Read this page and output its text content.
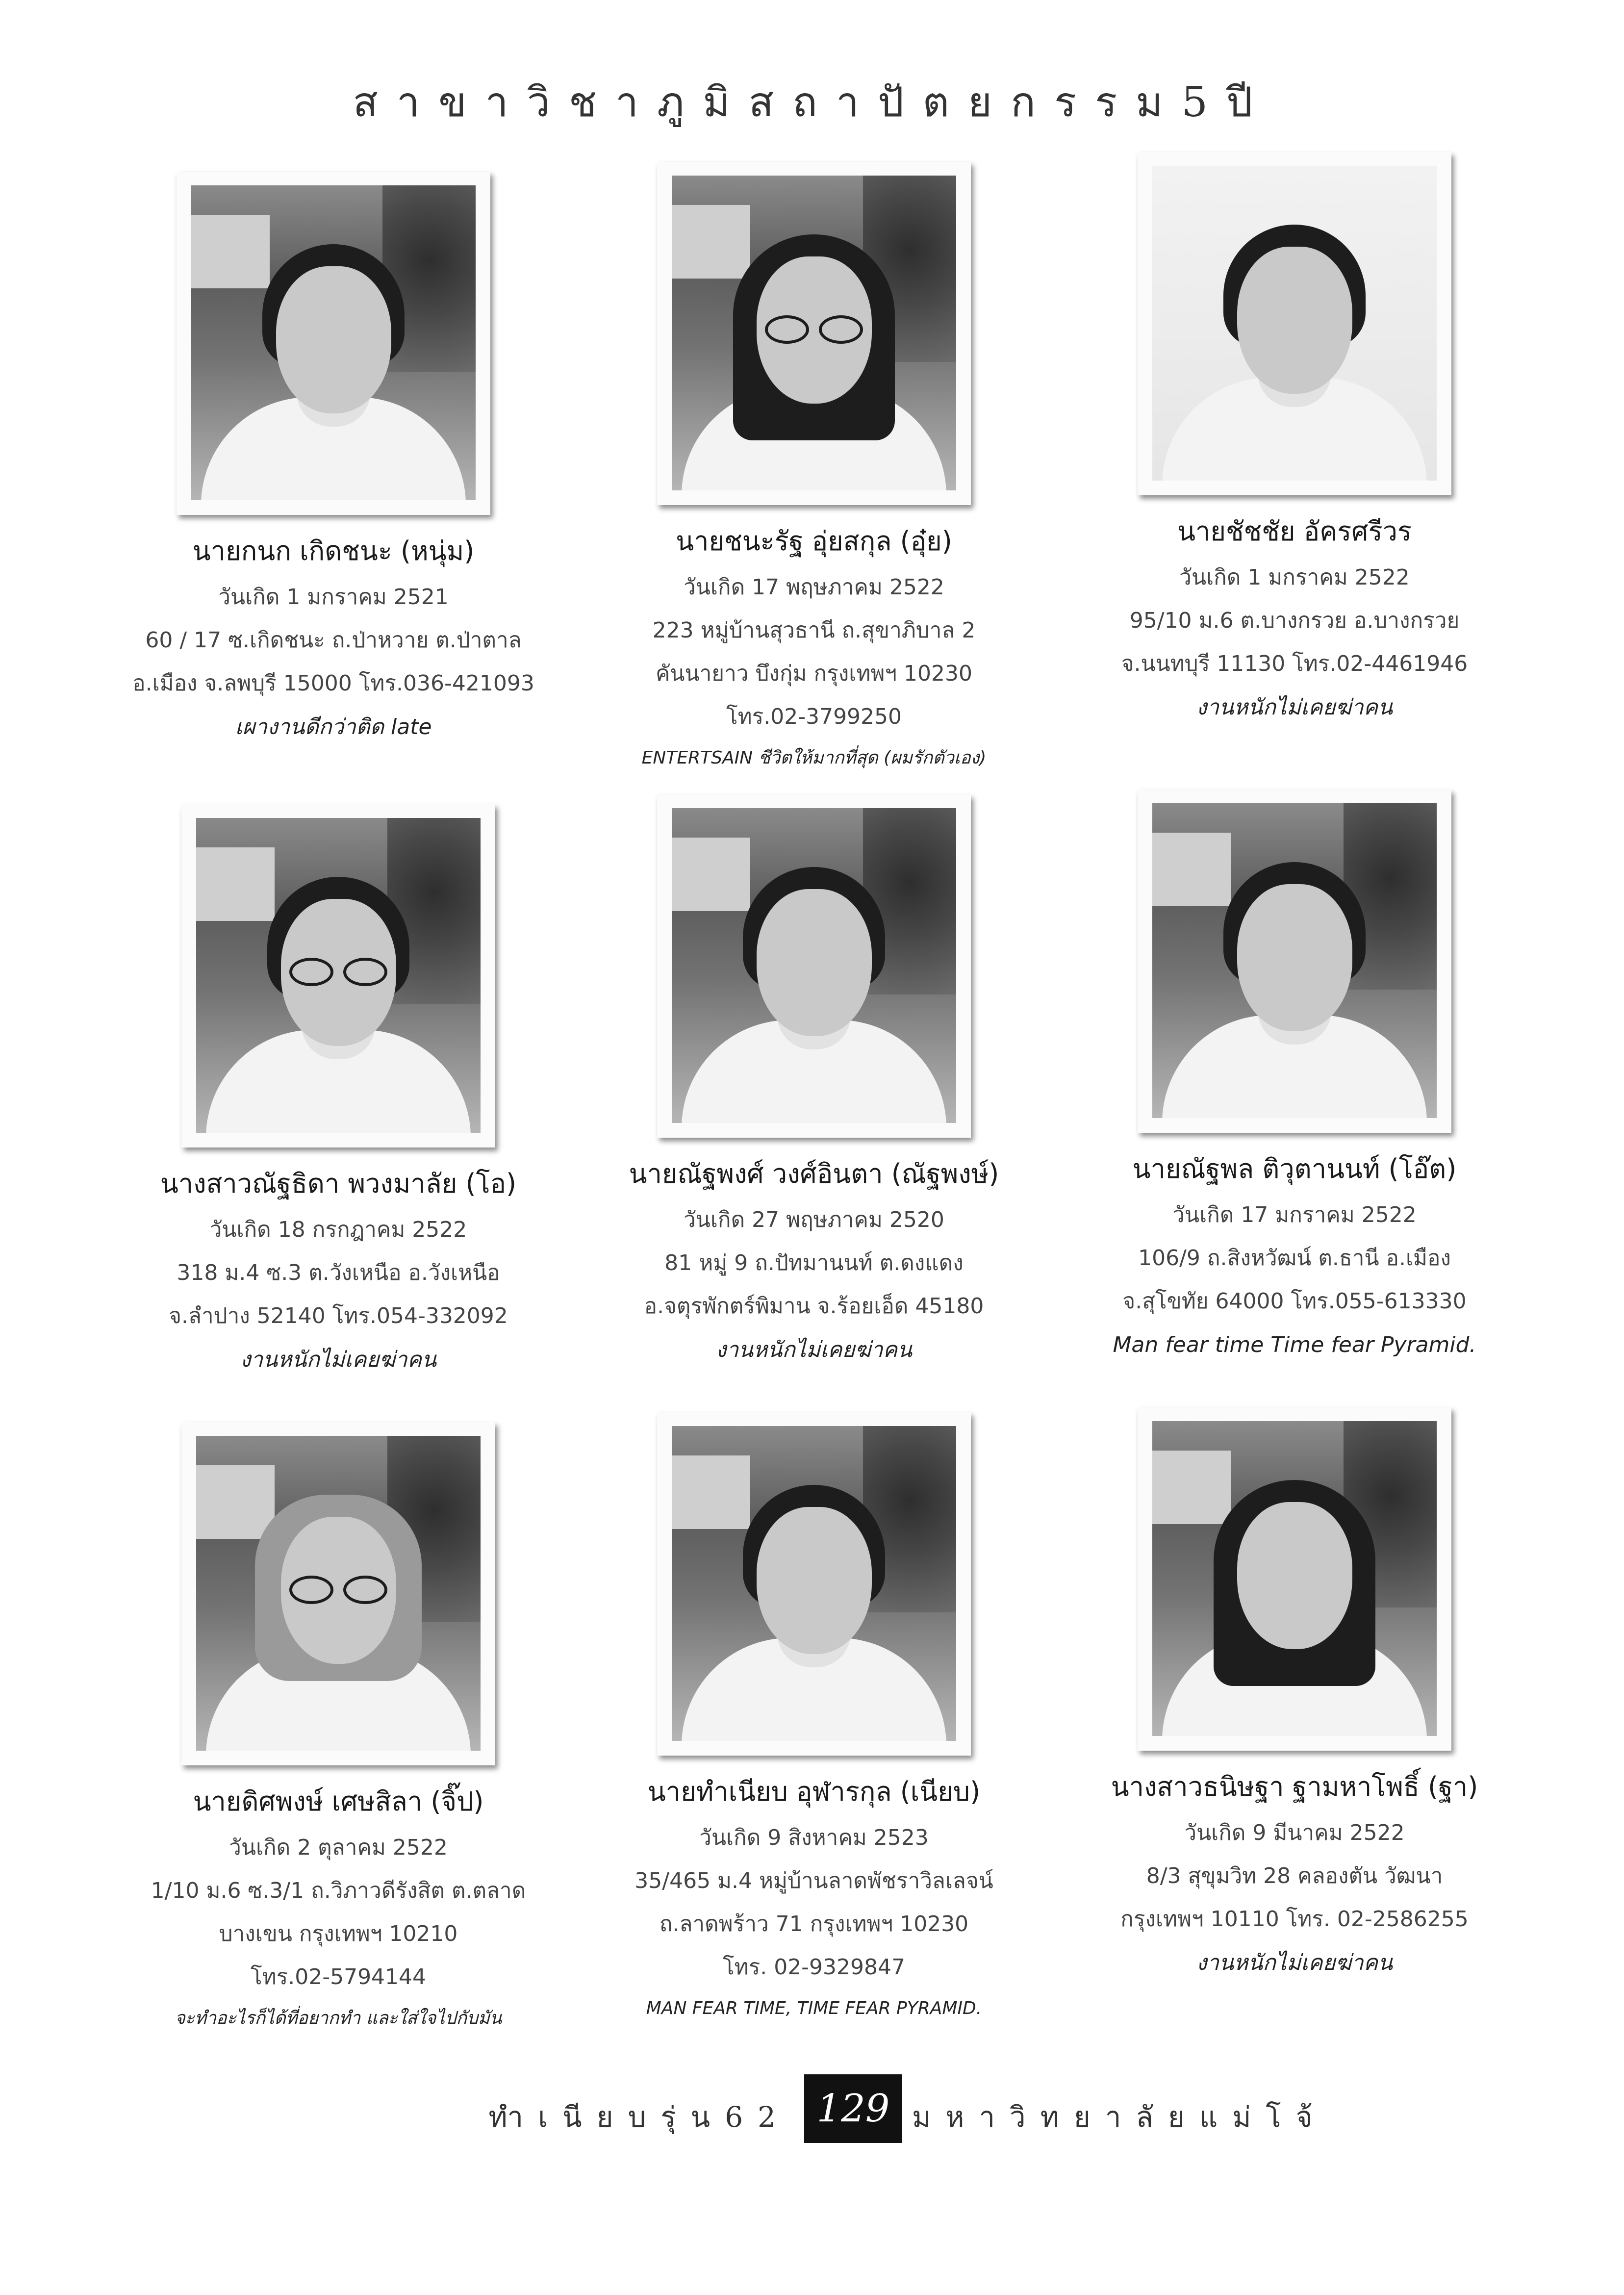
สาขาวิชาภูมิสถาปัตยกรรม5ปี
นายกนก เกิดชนะ (หนุ่ม)
วันเกิด 1 มกราคม 2521
60 / 17 ซ.เกิดชนะ ถ.ป่าหวาย ต.ป่าตาล
อ.เมือง จ.ลพบุรี 15000 โทร.036-421093
เผางานดีกว่าติด late
นายชนะรัฐ อุ่ยสกุล (อุ๋ย)
วันเกิด 17 พฤษภาคม 2522
223 หมู่บ้านสุวธานี ถ.สุขาภิบาล 2
คันนายาว บึงกุ่ม กรุงเทพฯ 10230
โทร.02-3799250
ENTERTSAIN ชีวิตให้มากที่สุด (ผมรักตัวเอง)
นายชัชชัย อัครศรีวร
วันเกิด 1 มกราคม 2522
95/10 ม.6 ต.บางกรวย อ.บางกรวย
จ.นนทบุรี 11130 โทร.02-4461946
งานหนักไม่เคยฆ่าคน
นางสาวณัฐธิดา พวงมาลัย (โอ)
วันเกิด 18 กรกฎาคม 2522
318 ม.4 ซ.3 ต.วังเหนือ อ.วังเหนือ
จ.ลำปาง 52140 โทร.054-332092
งานหนักไม่เคยฆ่าคน
นายณัฐพงศ์ วงศ์อินตา (ณัฐพงษ์)
วันเกิด 27 พฤษภาคม 2520
81 หมู่ 9 ถ.ปัทมานนท์ ต.ดงแดง
อ.จตุรพักตร์พิมาน จ.ร้อยเอ็ด 45180
งานหนักไม่เคยฆ่าคน
นายณัฐพล ติวุตานนท์ (โอ๊ต)
วันเกิด 17 มกราคม 2522
106/9 ถ.สิงหวัฒน์ ต.ธานี อ.เมือง
จ.สุโขทัย 64000 โทร.055-613330
Man fear time Time fear Pyramid.
นายดิศพงษ์ เศษสิลา (จิ๊ป)
วันเกิด 2 ตุลาคม 2522
1/10 ม.6 ซ.3/1 ถ.วิภาวดีรังสิต ต.ตลาด
บางเขน กรุงเทพฯ 10210
โทร.02-5794144
จะทำอะไรก็ได้ที่อยากทำ และใส่ใจไปกับมัน
นายทำเนียบ อุฬารกุล (เนียบ)
วันเกิด 9 สิงหาคม 2523
35/465 ม.4 หมู่บ้านลาดพัชราวิลเลจน์
ถ.ลาดพร้าว 71 กรุงเทพฯ 10230
โทร. 02-9329847
MAN FEAR TIME, TIME FEAR PYRAMID.
นางสาวธนิษฐา ฐามหาโพธิ์ (ฐา)
วันเกิด 9 มีนาคม 2522
8/3 สุขุมวิท 28 คลองตัน วัฒนา
กรุงเทพฯ 10110 โทร. 02-2586255
งานหนักไม่เคยฆ่าคน
ทำเนียบรุ่น62 129 มหาวิทยาลัยแม่โจ้
